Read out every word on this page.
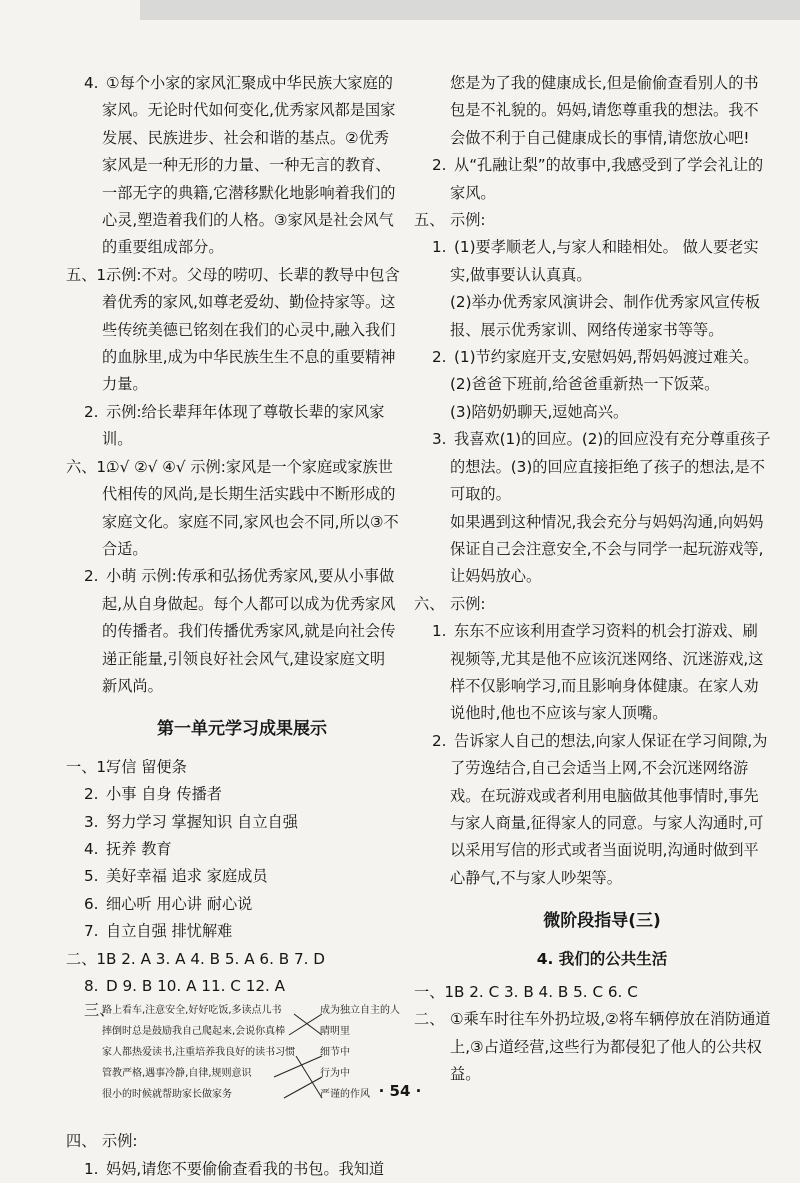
4. ①每个小家的家风汇聚成中华民族大家庭的家风。无论时代如何变化,优秀家风都是国家发展、民族进步、社会和谐的基点。②优秀家风是一种无形的力量、一种无言的教育、一部无字的典籍,它潜移默化地影响着我们的心灵,塑造着我们的人格。③家风是社会风气的重要组成部分。
五、1.
示例:不对。父母的唠叨、长辈的教导中包含着优秀的家风,如尊老爱幼、勤俭持家等。这些传统美德已铭刻在我们的心灵中,融入我们的血脉里,成为中华民族生生不息的重要精神力量。
2. 示例:给长辈拜年体现了尊敬长辈的家风家训。
六、1.
①√ ②√ ④√ 示例:家风是一个家庭或家族世代相传的风尚,是长期生活实践中不断形成的家庭文化。家庭不同,家风也会不同,所以③不合适。
2. 小萌 示例:传承和弘扬优秀家风,要从小事做起,从自身做起。每个人都可以成为优秀家风的传播者。我们传播优秀家风,就是向社会传递正能量,引领良好社会风气,建设家庭文明新风尚。
第一单元学习成果展示
一、1.
写信 留便条
2. 小事 自身 传播者
3. 努力学习 掌握知识 自立自强
4. 抚养 教育
5. 美好幸福 追求 家庭成员
6. 细心听 用心讲 耐心说
7. 自立自强 排忧解难
二、1.
B 2. A 3. A 4. B 5. A 6. B 7. D
8. D 9. B 10. A 11. C 12. A
三、
路上看车,注意安全,好好吃饭,多读点儿书
摔倒时总是鼓励我自己爬起来,会说你真棒
家人都热爱读书,注重培养我良好的读书习惯
管教严格,遇事冷静,自律,规则意识
很小的时候就帮助家长做家务
成为独立自主的人
晴明里
细节中
行为中
严谨的作风
四、 示例:
1. 妈妈,请您不要偷偷查看我的书包。我知道
您是为了我的健康成长,但是偷偷查看别人的书包是不礼貌的。妈妈,请您尊重我的想法。我不会做不利于自己健康成长的事情,请您放心吧!
2. 从“孔融让梨”的故事中,我感受到了学会礼让的家风。
五、 示例:
1. (1)要孝顺老人,与家人和睦相处。 做人要老实实,做事要认认真真。
(2)举办优秀家风演讲会、制作优秀家风宣传板报、展示优秀家训、网络传递家书等等。
2. (1)节约家庭开支,安慰妈妈,帮妈妈渡过难关。
(2)爸爸下班前,给爸爸重新热一下饭菜。
(3)陪奶奶聊天,逗她高兴。
3. 我喜欢(1)的回应。(2)的回应没有充分尊重孩子的想法。(3)的回应直接拒绝了孩子的想法,是不可取的。
如果遇到这种情况,我会充分与妈妈沟通,向妈妈保证自己会注意安全,不会与同学一起玩游戏等,让妈妈放心。
六、 示例:
1. 东东不应该利用查学习资料的机会打游戏、刷视频等,尤其是他不应该沉迷网络、沉迷游戏,这样不仅影响学习,而且影响身体健康。在家人劝说他时,他也不应该与家人顶嘴。
2. 告诉家人自己的想法,向家人保证在学习间隙,为了劳逸结合,自己会适当上网,不会沉迷网络游戏。在玩游戏或者利用电脑做其他事情时,事先与家人商量,征得家人的同意。与家人沟通时,可以采用写信的形式或者当面说明,沟通时做到平心静气,不与家人吵架等。
微阶段指导(三)
4. 我们的公共生活
一、1.
B 2. C 3. B 4. B 5. C 6. C
二、 ①乘车时往车外扔垃圾,②将车辆停放在消防通道上,③占道经营,这些行为都侵犯了他人的公共权益。
· 54 ·
